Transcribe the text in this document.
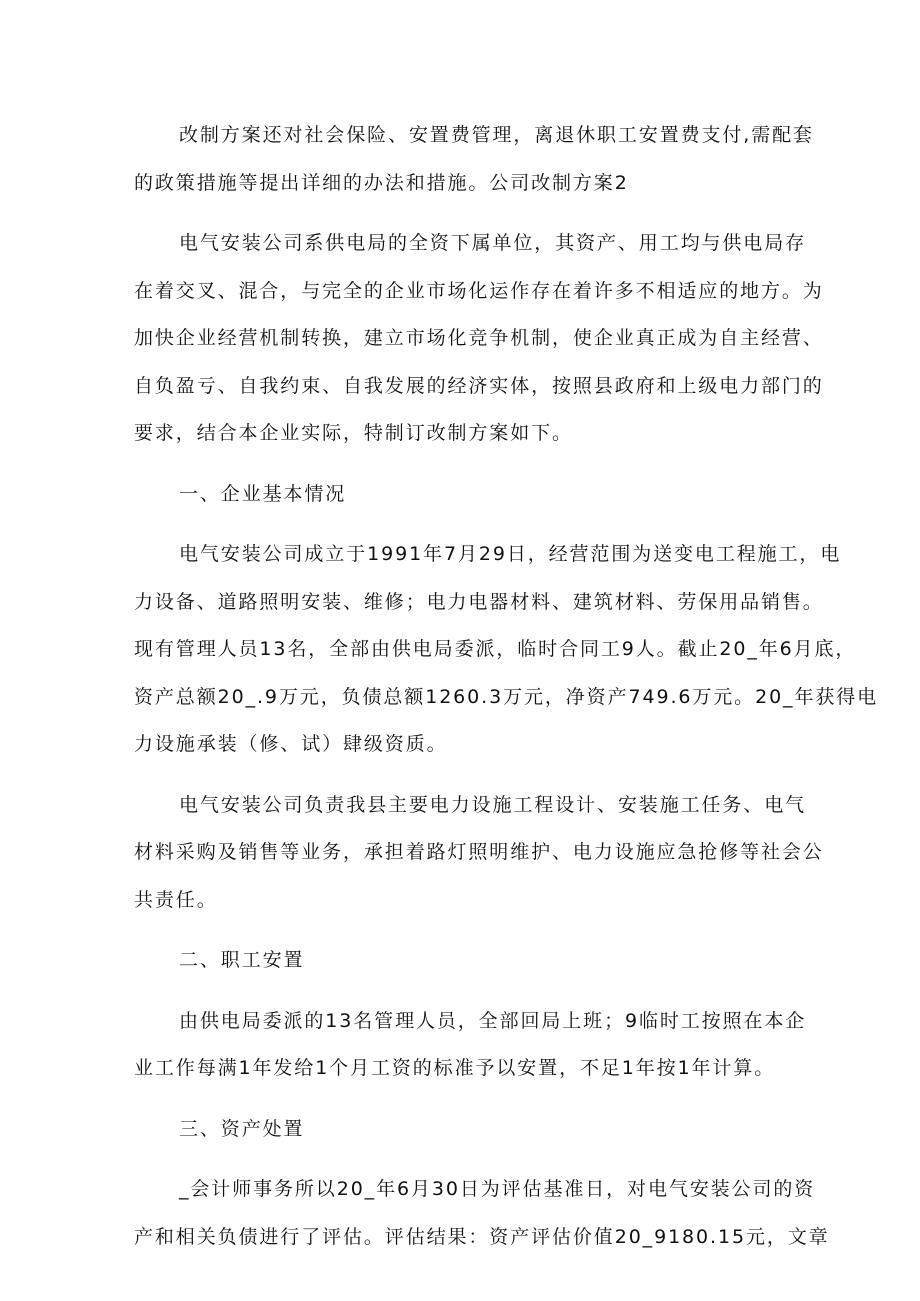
改制方案还对社会保险、安置费管理，离退休职工安置费支付,需配套
的政策措施等提出详细的办法和措施。公司改制方案2
电气安装公司系供电局的全资下属单位，其资产、用工均与供电局存
在着交叉、混合，与完全的企业市场化运作存在着许多不相适应的地方。为
加快企业经营机制转换，建立市场化竞争机制，使企业真正成为自主经营、
自负盈亏、自我约束、自我发展的经济实体，按照县政府和上级电力部门的
要求，结合本企业实际，特制订改制方案如下。
一、企业基本情况
电气安装公司成立于1991年7月29日，经营范围为送变电工程施工，电
力设备、道路照明安装、维修；电力电器材料、建筑材料、劳保用品销售。
现有管理人员13名，全部由供电局委派，临时合同工9人。截止20_年6月底，
资产总额20_.9万元，负债总额1260.3万元，净资产749.6万元。20_年获得电
力设施承装（修、试）肆级资质。
电气安装公司负责我县主要电力设施工程设计、安装施工任务、电气
材料采购及销售等业务，承担着路灯照明维护、电力设施应急抢修等社会公
共责任。
二、职工安置
由供电局委派的13名管理人员，全部回局上班；9临时工按照在本企
业工作每满1年发给1个月工资的标准予以安置，不足1年按1年计算。
三、资产处置
_会计师事务所以20_年6月30日为评估基准日，对电气安装公司的资
产和相关负债进行了评估。评估结果：资产评估价值20_9180.15元，文章
